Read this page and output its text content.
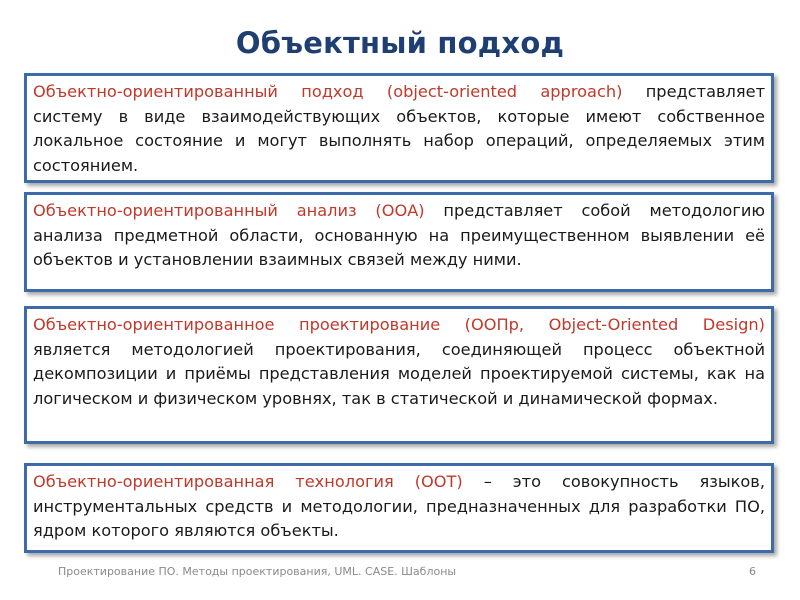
Объектный подход
Объектно-ориентированный подход (object-oriented approach) представляет систему в виде взаимодействующих объектов, которые имеют собственное локальное состояние и могут выполнять набор операций, определяемых этим состоянием.
Объектно-ориентированный анализ (ООА) представляет собой методологию анализа предметной области, основанную на преимущественном выявлении её объектов и установлении взаимных связей между ними.
Объектно-ориентированное проектирование (ООПр, Object-Oriented Design) является методологией проектирования, соединяющей процесс объектной декомпозиции и приёмы представления моделей проектируемой системы, как на логическом и физическом уровнях, так в статической и динамической формах.
Объектно-ориентированная технология (ООТ) – это совокупность языков, инструментальных средств и методологии, предназначенных для разработки ПО, ядром которого являются объекты.
Проектирование ПО. Методы проектирования, UML. CASE. Шаблоны	6
